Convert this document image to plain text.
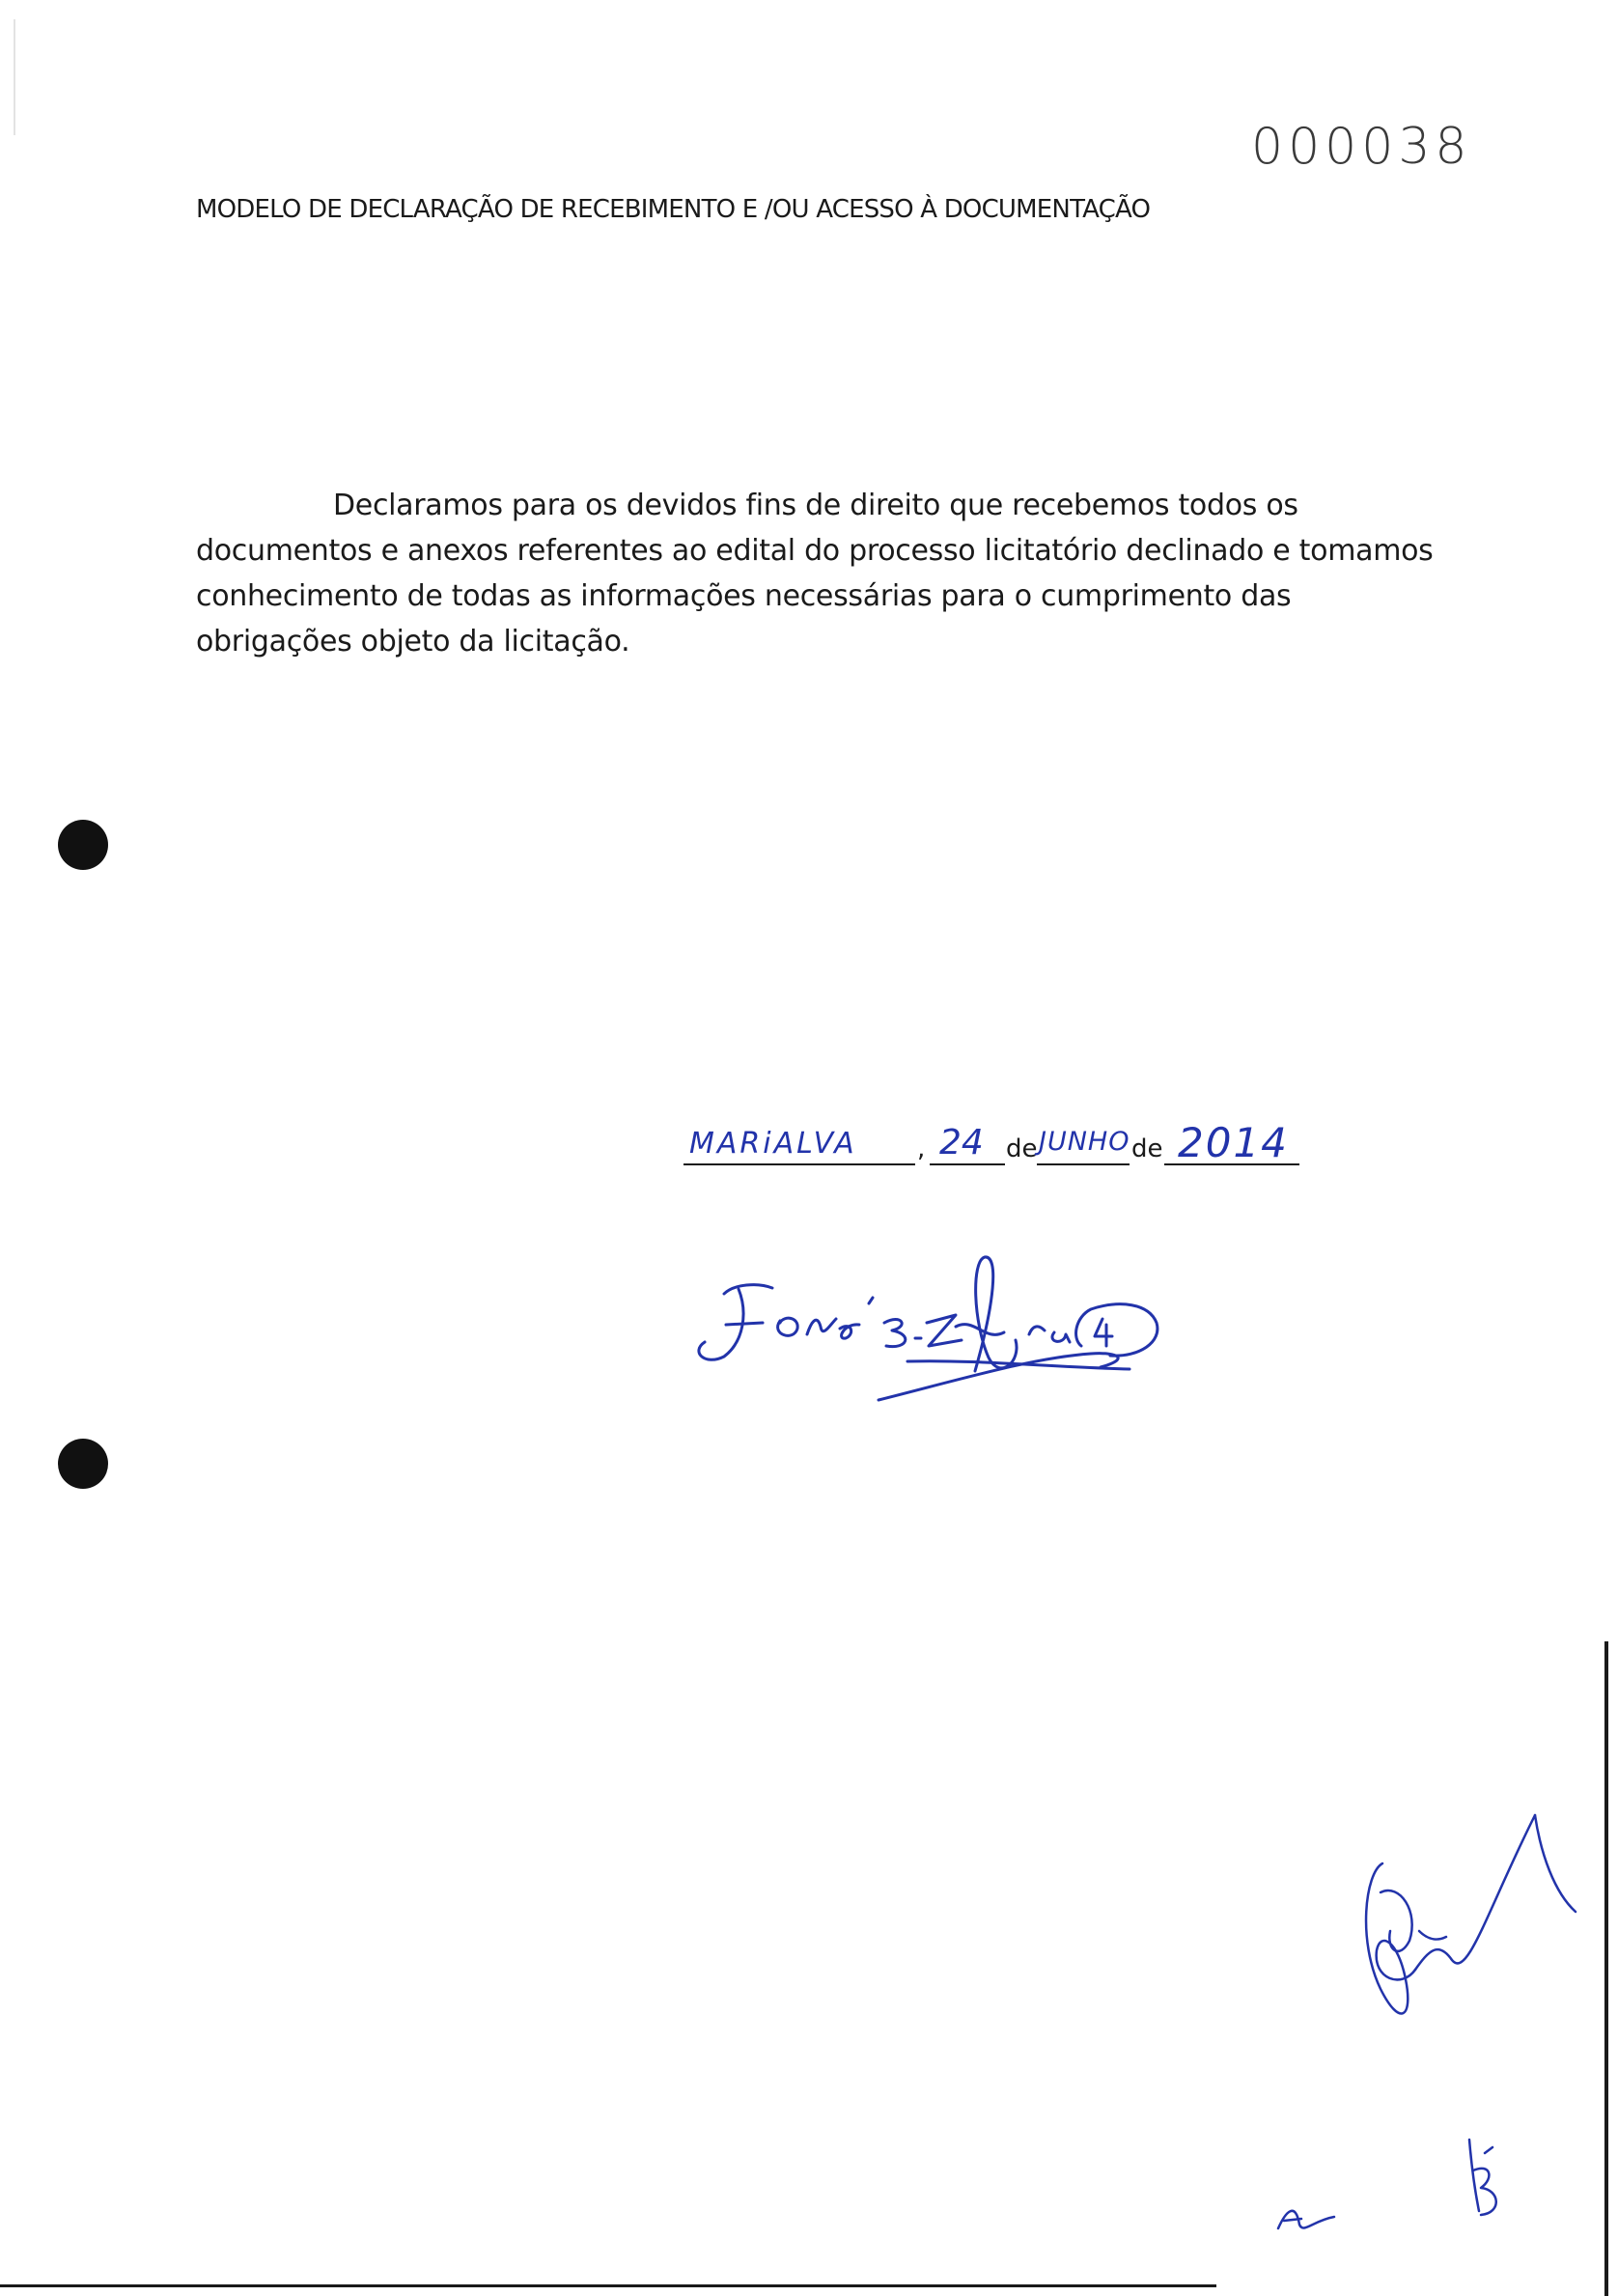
000038
MODELO DE DECLARAÇÃO DE RECEBIMENTO E /OU ACESSO À DOCUMENTAÇÃO
Declaramos para os devidos fins de direito que recebemos todos os
documentos e anexos referentes ao edital do processo licitatório declinado e tomamos
conhecimento de todas as informações necessárias para o cumprimento das
obrigações objeto da licitação.
MARiALVA , 24 de JUNHO de 2014
